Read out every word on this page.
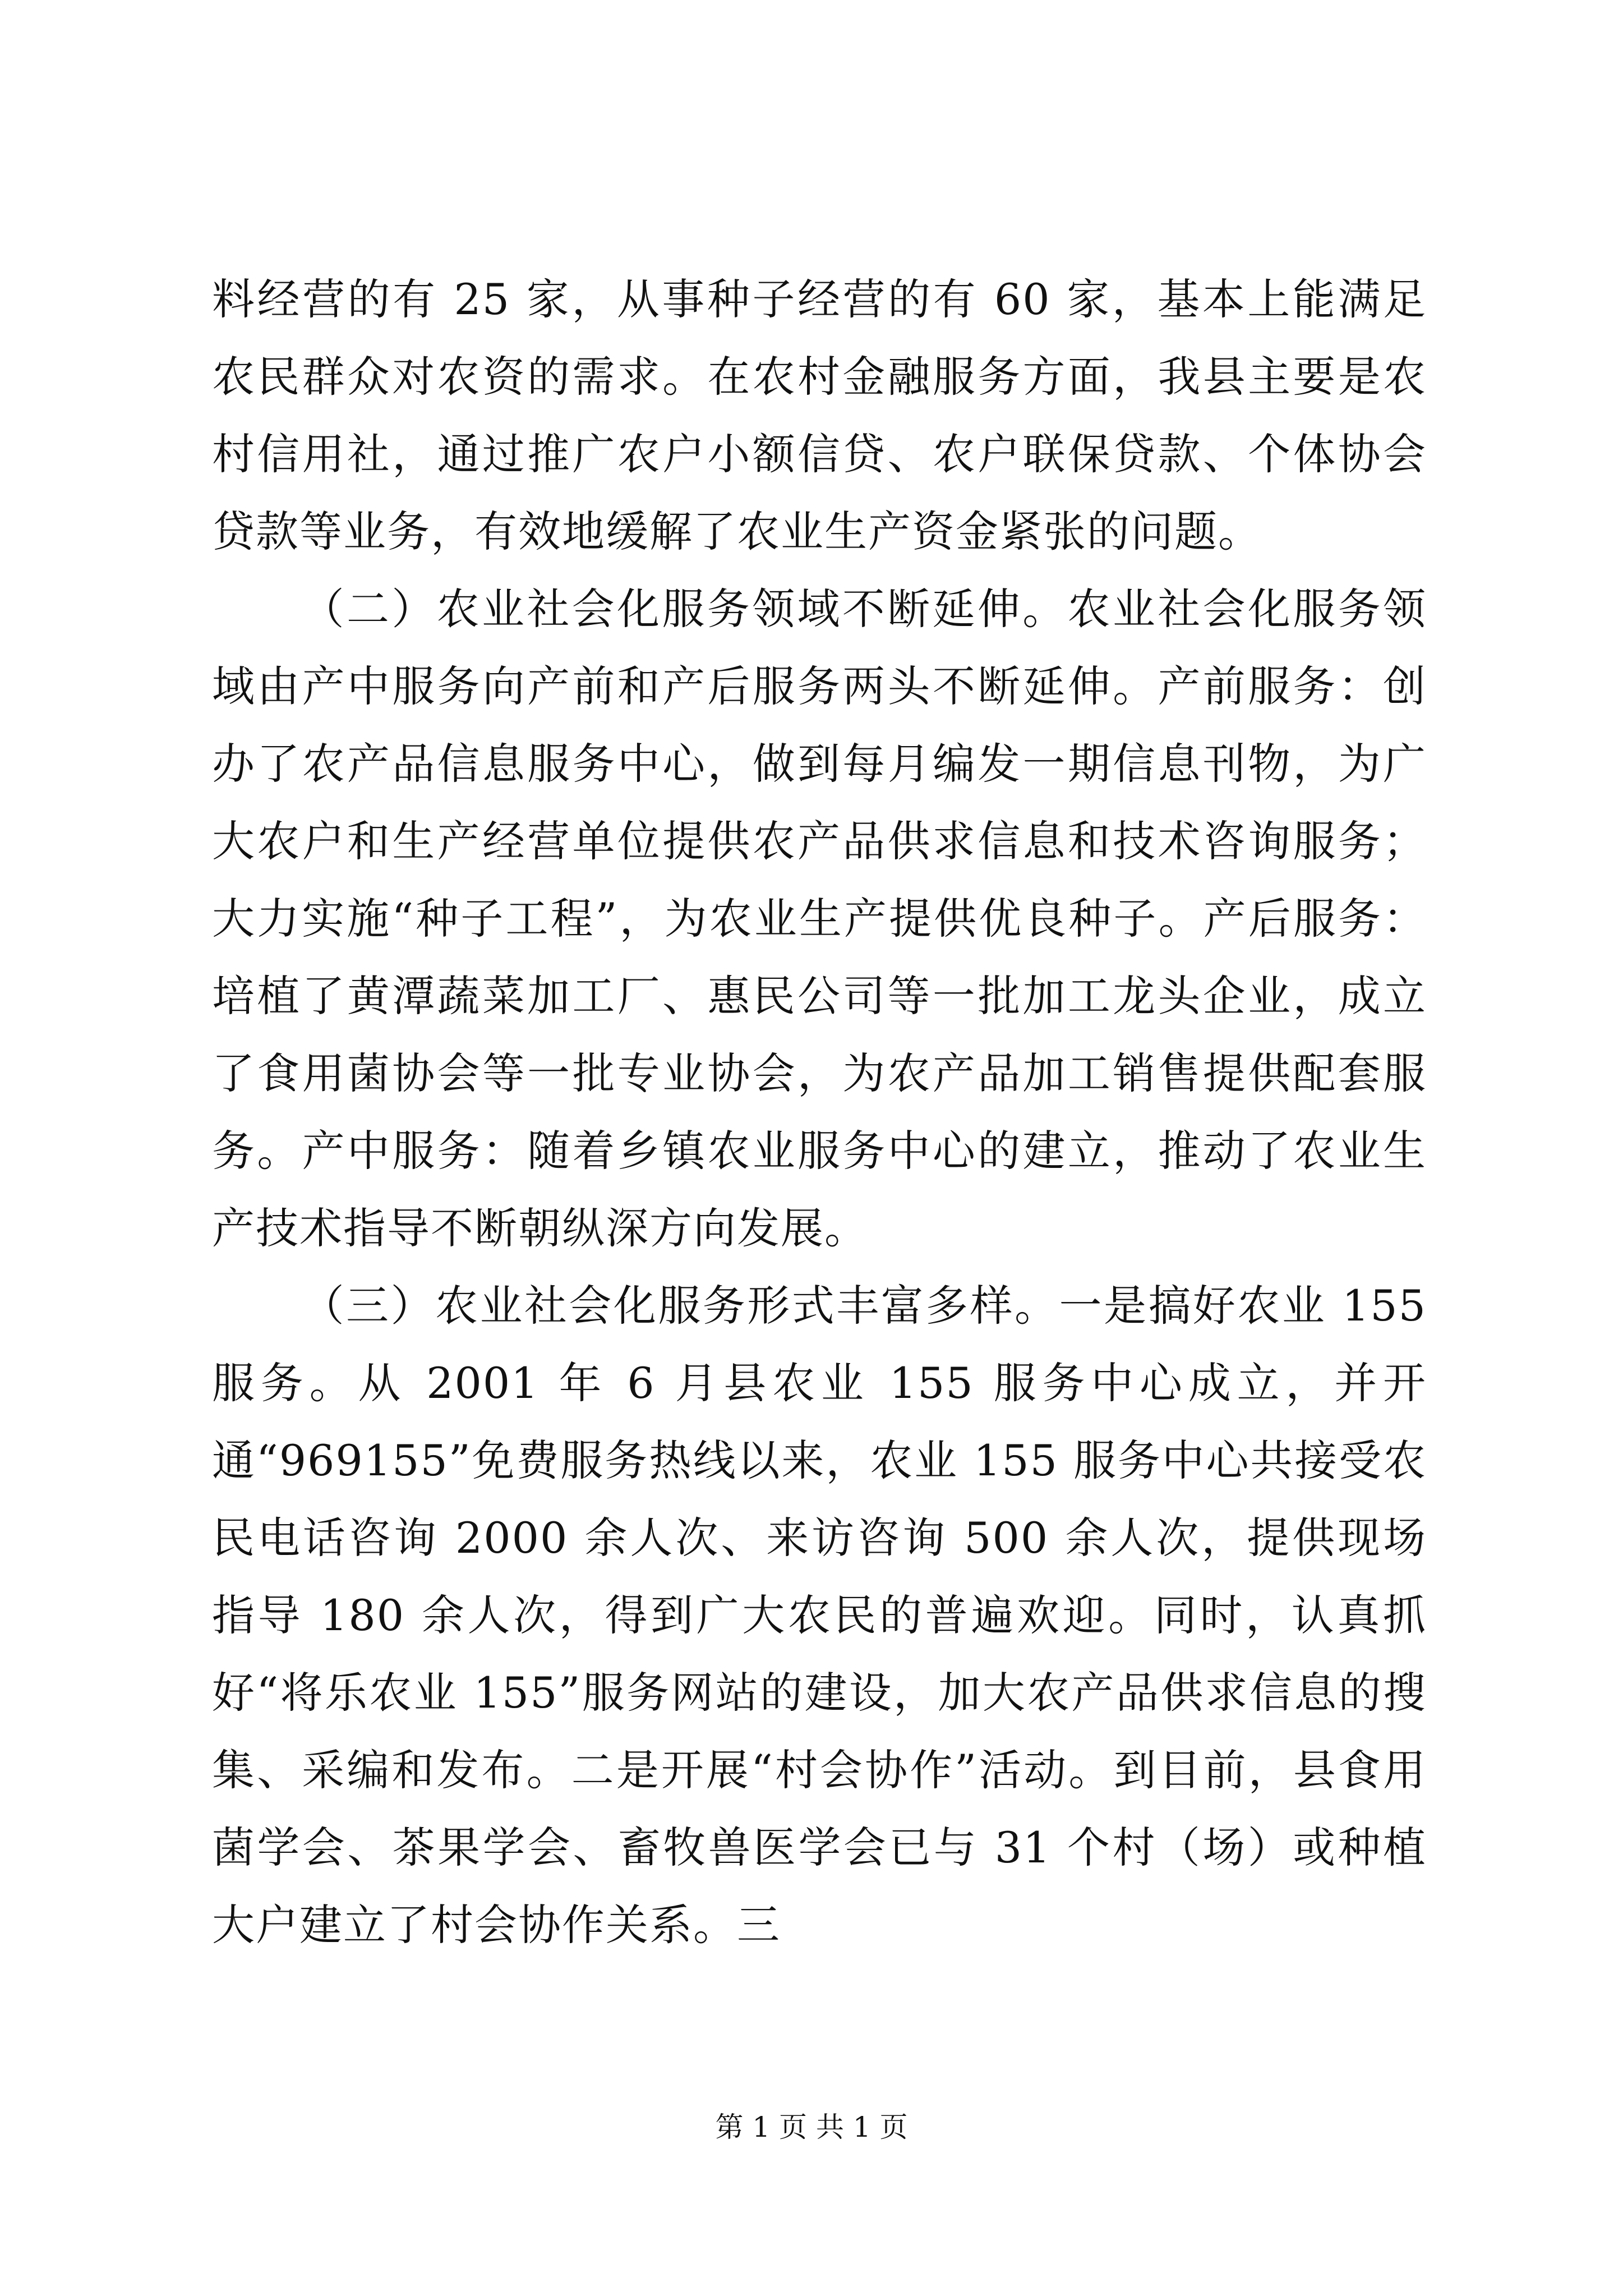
料经营的有 25 家，从事种子经营的有 60 家，基本上能满足农民群众对农资的需求。在农村金融服务方面，我县主要是农村信用社，通过推广农户小额信贷、农户联保贷款、个体协会贷款等业务，有效地缓解了农业生产资金紧张的问题。

（二）农业社会化服务领域不断延伸。农业社会化服务领域由产中服务向产前和产后服务两头不断延伸。产前服务：创办了农产品信息服务中心，做到每月编发一期信息刊物，为广大农户和生产经营单位提供农产品供求信息和技术咨询服务；大力实施“种子工程”，为农业生产提供优良种子。产后服务：培植了黄潭蔬菜加工厂、惠民公司等一批加工龙头企业，成立了食用菌协会等一批专业协会，为农产品加工销售提供配套服务。产中服务：随着乡镇农业服务中心的建立，推动了农业生产技术指导不断朝纵深方向发展。

（三）农业社会化服务形式丰富多样。一是搞好农业 155 服务。从 2001 年 6 月县农业 155 服务中心成立，并开通“969155”免费服务热线以来，农业 155 服务中心共接受农民电话咨询 2000 余人次、来访咨询 500 余人次，提供现场指导 180 余人次，得到广大农民的普遍欢迎。同时，认真抓好“将乐农业 155”服务网站的建设，加大农产品供求信息的搜集、采编和发布。二是开展“村会协作”活动。到目前，县食用菌学会、茶果学会、畜牧兽医学会已与 31 个村（场）或种植大户建立了村会协作关系。三

第 1 页 共 1 页
